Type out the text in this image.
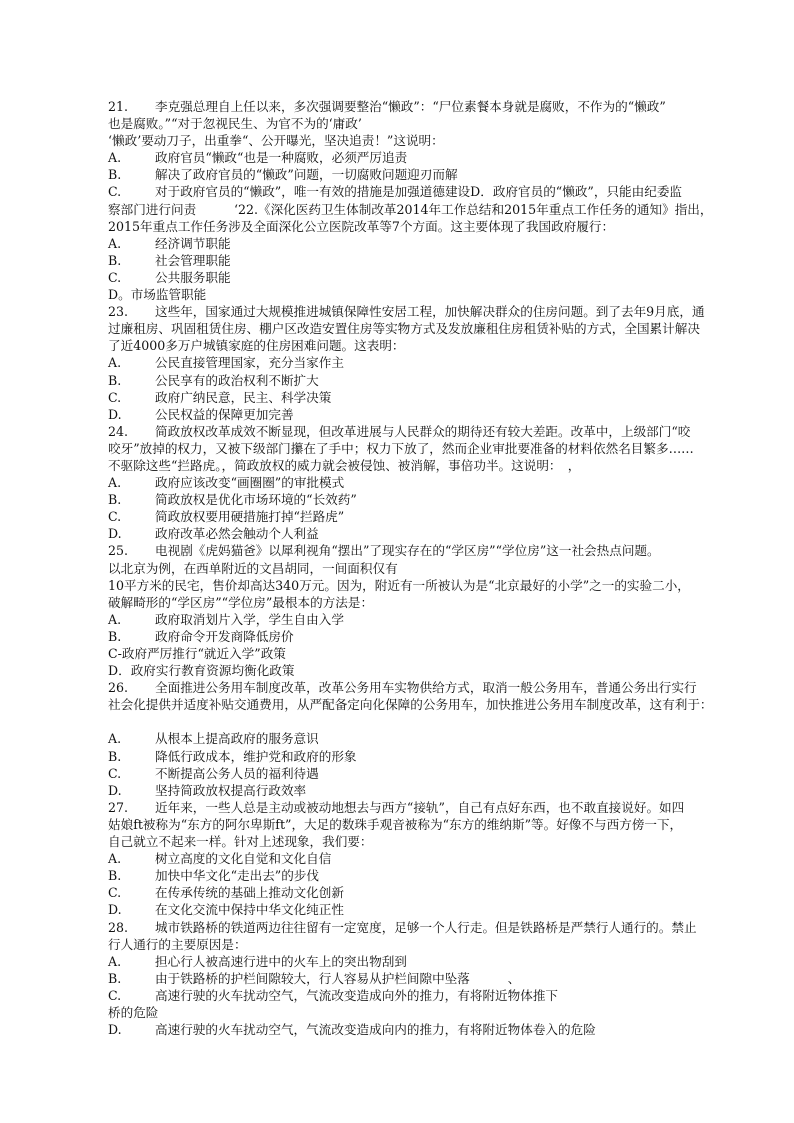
21. 李克强总理自上任以来，多次强调要整治“懒政”：“尸位素餐本身就是腐败，不作为的“懒政”
也是腐败。”“对于忽视民生、为官不为的‘庸政’
‘懒政’要动刀子，出重拳“、公开曝光，坚决追责！”这说明：
A.	政府官员“懒政“也是一种腐败，必须严厉追责
B.	解决了政府官员的“懒政”问题，一切腐败问题迎刃而解
C.	对于政府官员的“懒政”，唯一有效的措施是加强道德建设D．政府官员的“懒政”，只能由纪委监
察部门进行问责　　　‘22.《深化医药卫生体制改革2014年工作总结和2015年重点工作任务的通知》指出，
2015年重点工作任务涉及全面深化公立医院改革等7个方面。这主要体现了我国政府履行：
A.	经济调节职能
B.	社会管理职能
C.	公共服务职能
D。市场监管职能
23. 这些年，国家通过大规模推进城镇保障性安居工程，加快解决群众的住房问题。到了去年9月底，通
过廉租房、巩固租赁住房、棚户区改造安置住房等实物方式及发放廉租住房租赁补贴的方式，全国累计解决
了近4000多万户城镇家庭的住房困难问题。这表明：
A.	公民直接管理国家，充分当家作主
B.	公民享有的政治权利不断扩大
C.	政府广纳民意，民主、科学决策
D.	公民权益的保障更加完善
24. 简政放权改革成效不断显现，但改革进展与人民群众的期待还有较大差距。改革中，上级部门“咬
咬牙”放掉的权力，又被下级部门攥在了手中；权力下放了，然而企业审批要准备的材料依然名目繁多……
不驱除这些“拦路虎。，简政放权的威力就会被侵蚀、被消解，事倍功半。这说明：　，
A.	政府应该改变“画圈圈”的审批模式
B.	简政放权是优化市场环境的“长效药”
C.	简政放权要用硬措施打掉“拦路虎”
D.	政府改革必然会触动个人利益
25. 电视剧《虎妈猫爸》以犀利视角“摆出”了现实存在的“学区房”“学位房”这一社会热点问题。
以北京为例，在西单附近的文昌胡同，一间面积仅有
10平方米的民宅，售价却高达340万元。因为，附近有一所被认为是“北京最好的小学”之一的实验二小，
破解畸形的“学区房”“学位房”最根本的方法是：
A.	政府取消划片入学，学生自由入学
B.	政府命令开发商降低房价
C-政府严厉推行“就近入学”政策
D．政府实行教育资源均衡化政策
26. 全面推进公务用车制度改革，改革公务用车实物供给方式，取消一般公务用车，普通公务出行实行
社会化提供并适度补贴交通费用，从严配备定向化保障的公务用车，加快推进公务用车制度改革，这有利于：
A.	从根本上提高政府的服务意识
B.	降低行政成本，维护党和政府的形象
C.	不断提高公务人员的福利待遇
D.	坚持简政放权提高行政效率
27. 近年来，一些人总是主动或被动地想去与西方“接轨”，自己有点好东西，也不敢直接说好。如四
姑娘ft被称为“东方的阿尔卑斯ft”，大足的数珠手观音被称为“东方的维纳斯”等。好像不与西方傍一下，
自己就立不起来一样。针对上述现象，我们要：
A.	树立高度的文化自觉和文化自信
B.	加快中华文化“走出去”的步伐
C.	在传承传统的基础上推动文化创新
D.	在文化交流中保持中华文化纯正性
28. 城市铁路桥的铁道两边往往留有一定宽度，足够一个人行走。但是铁路桥是严禁行人通行的。禁止
行人通行的主要原因是：
A.	担心行人被高速行进中的火车上的突出物刮到
B.	由于铁路桥的护栏间隙较大，行人容易从护栏间隙中坠落　　　、
C.	高速行驶的火车扰动空气，气流改变造成向外的推力，有将附近物体推下
桥的危险
D.	高速行驶的火车扰动空气，气流改变造成向内的推力，有将附近物体卷入的危险
